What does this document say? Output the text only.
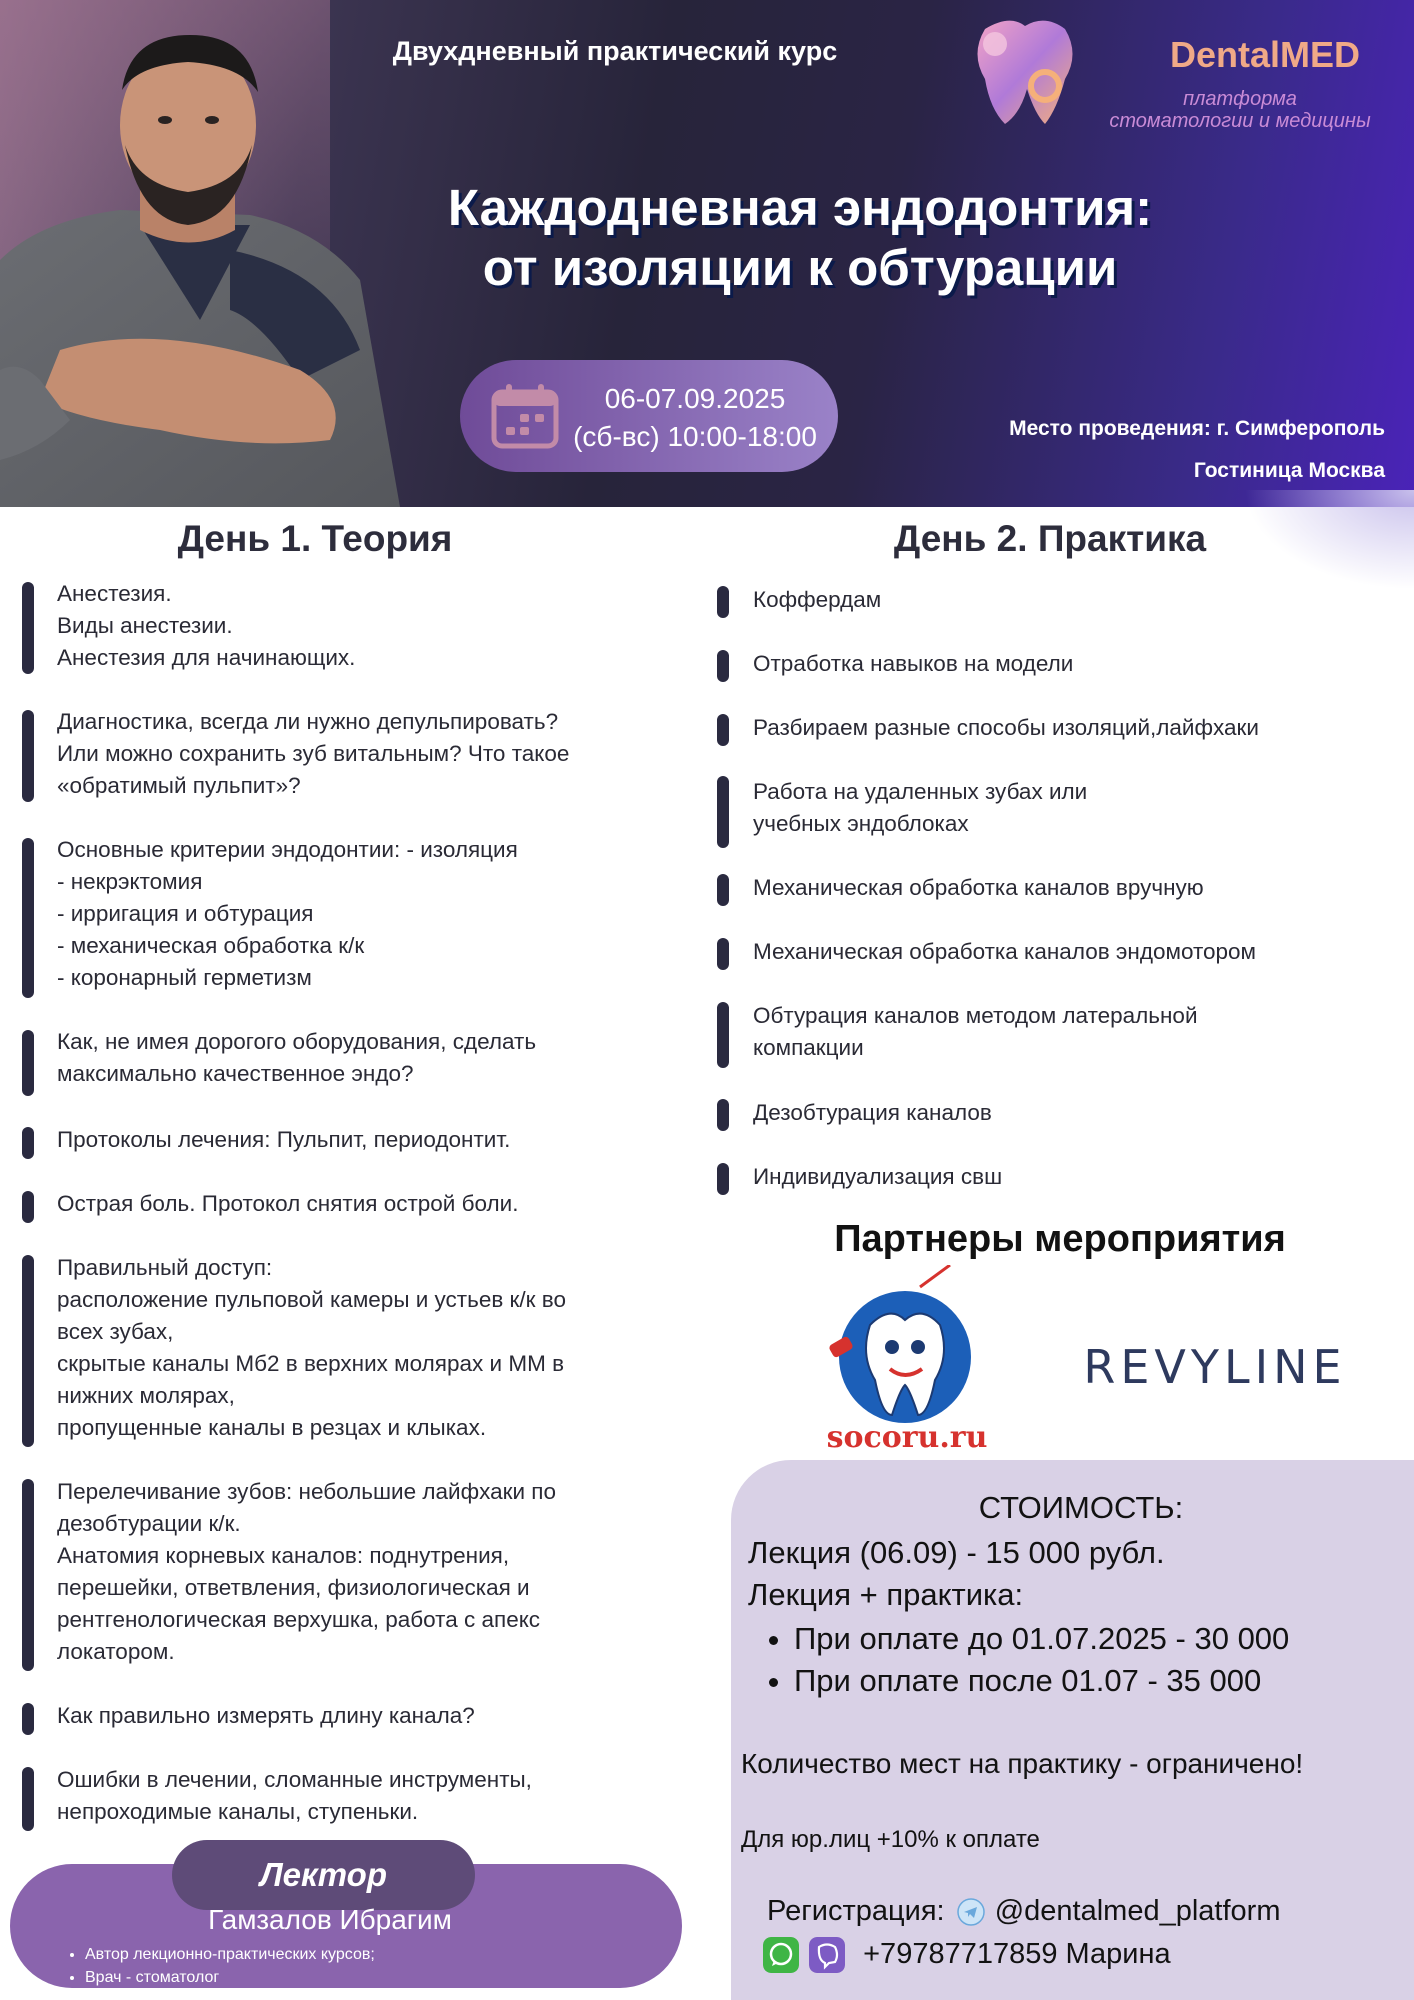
Двухдневный практический курс	DentalMED
платформа
стоматологии и медицины
Каждодневная эндодонтия:
от изоляции к обтурации
06-07.09.2025
(сб-вс) 10:00-18:00	Место проведения: г. Симферополь
Гостиница Москва
День 1. Теория
Анестезия.
Виды анестезии.
Анестезия для начинающих.
Диагностика, всегда ли нужно депульпировать?
Или можно сохранить зуб витальным? Что такое
«обратимый пульпит»?
Основные критерии эндодонтии: - изоляция
- некрэктомия
- ирригация и обтурация
- механическая обработка к/к
- коронарный герметизм
Как, не имея дорогого оборудования, сделать
максимально качественное эндо?
Протоколы лечения: Пульпит, периодонтит.
Острая боль. Протокол снятия острой боли.
Правильный доступ:
расположение пульповой камеры и устьев к/к во
всех зубах,
скрытые каналы Мб2 в верхних молярах и ММ в
нижних молярах,
пропущенные каналы в резцах и клыках.
Перелечивание зубов: небольшие лайфхаки по
дезобтурации к/к.
Анатомия корневых каналов: поднутрения,
перешейки, ответвления, физиологическая и
рентгенологическая верхушка, работа с апекс
локатором.
Как правильно измерять длину канала?
Ошибки в лечении, сломанные инструменты,
непроходимые каналы, ступеньки.
День 2. Практика
Коффердам
Отработка навыков на модели
Разбираем разные способы изоляций,лайфхаки
Работа на удаленных зубах или
учебных эндоблоках
Механическая обработка каналов вручную
Механическая обработка каналов эндомотором
Обтурация каналов методом латеральной
компакции
Дезобтурация каналов
Индивидуализация свш
Партнеры мероприятия
socoru.ru
REVYLINE
СТОИМОСТЬ:
Лекция (06.09) - 15 000 рубл.
Лекция + практика:
• При оплате до 01.07.2025 - 30 000
• При оплате после 01.07 - 35 000
Количество мест на практику - ограничено!
Для юр.лиц +10% к оплате
Регистрация: @dentalmed_platform
+79787717859 Марина
Лектор
Гамзалов Ибрагим
• Автор лекционно-практических курсов;
• Врач - стоматолог
